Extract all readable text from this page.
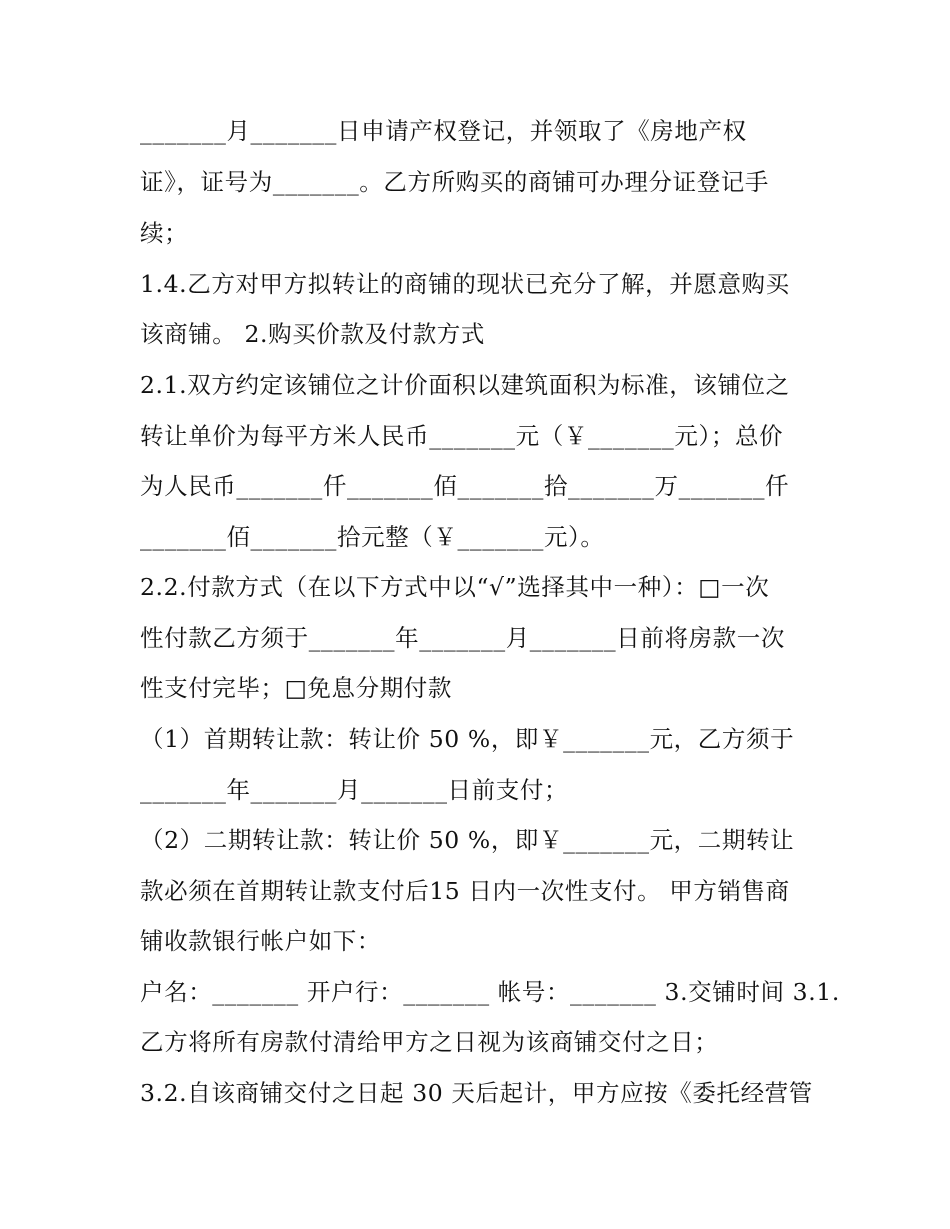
_______月_______日申请产权登记，并领取了《房地产权
证》，证号为_______。乙方所购买的商铺可办理分证登记手
续；
1.4.乙方对甲方拟转让的商铺的现状已充分了解，并愿意购买
该商铺。 2.购买价款及付款方式
2.1.双方约定该铺位之计价面积以建筑面积为标准，该铺位之
转让单价为每平方米人民币_______元（￥_______元）；总价
为人民币_______仟_______佰_______拾_______万_______仟
_______佰_______拾元整（￥_______元）。
2.2.付款方式（在以下方式中以“√”选择其中一种）：□一次
性付款乙方须于_______年_______月_______日前将房款一次
性支付完毕；□免息分期付款
（1）首期转让款：转让价 50 %，即￥_______元，乙方须于
_______年_______月_______日前支付；
（2）二期转让款：转让价 50 %，即￥_______元，二期转让
款必须在首期转让款支付后15 日内一次性支付。 甲方销售商
铺收款银行帐户如下：
户名：_______ 开户行：_______ 帐号：_______ 3.交铺时间 3.1.
乙方将所有房款付清给甲方之日视为该商铺交付之日；
3.2.自该商铺交付之日起 30 天后起计，甲方应按《委托经营管
